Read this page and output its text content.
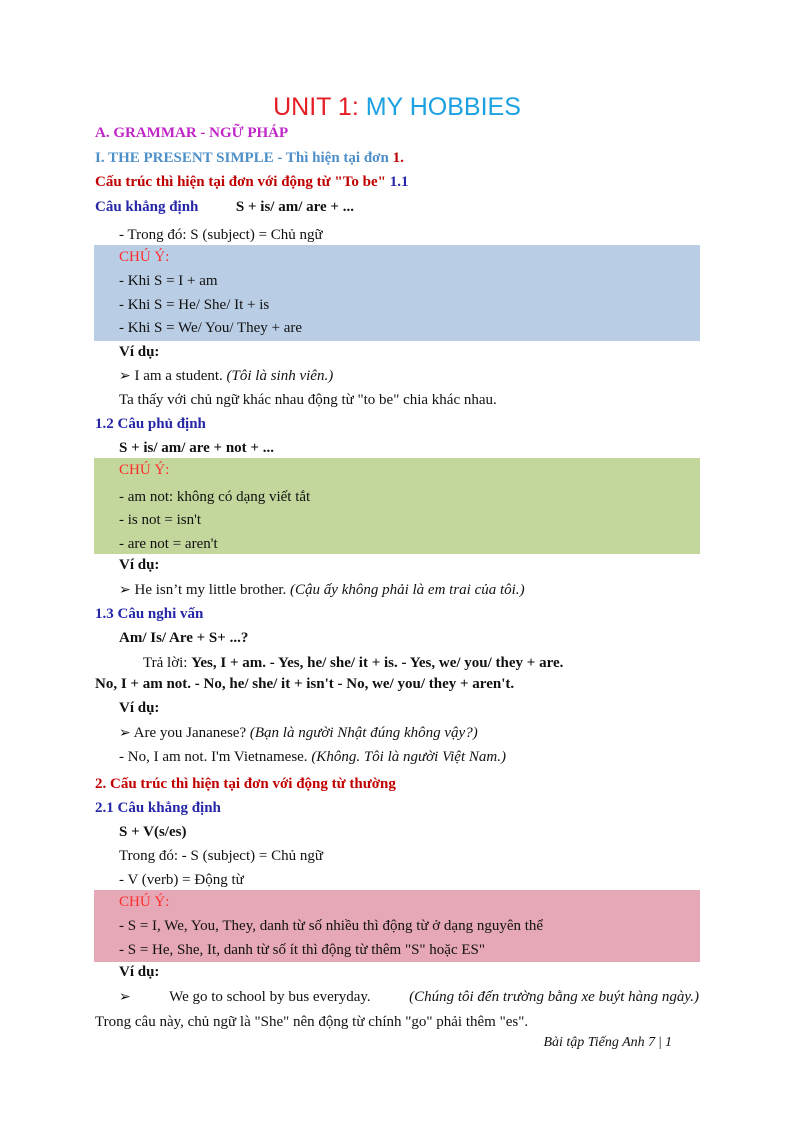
UNIT 1: MY HOBBIES
A. GRAMMAR - NGỮ PHÁP
I. THE PRESENT SIMPLE - Thì hiện tại đơn 1.
Cấu trúc thì hiện tại đơn với động từ "To be" 1.1
Câu khẳng định	S + is/ am/ are + ...
- Trong đó: S (subject) = Chủ ngữ
CHÚ Ý:
- Khi S = I + am
- Khi S = He/ She/ It + is
- Khi S = We/ You/ They + are
Ví dụ:
➢ I am a student. (Tôi là sinh viên.)
Ta thấy với chủ ngữ khác nhau động từ "to be" chia khác nhau.
1.2 Câu phủ định
S + is/ am/ are + not + ...
CHÚ Ý:
- am not: không có dạng viết tắt
- is not = isn't
- are not = aren't
Ví dụ:
➢ He isn’t my little brother. (Cậu ấy không phải là em trai của tôi.)
1.3 Câu nghi vấn
Am/ Is/ Are + S+ ...?
Trả lời: Yes, I + am. - Yes, he/ she/ it + is. - Yes, we/ you/ they + are.
No, I + am not. - No, he/ she/ it + isn't - No, we/ you/ they + aren't.
Ví dụ:
➢ Are you Jananese? (Bạn là người Nhật đúng không vậy?)
- No, I am not. I'm Vietnamese. (Không. Tôi là người Việt Nam.)
2. Cấu trúc thì hiện tại đơn với động từ thường
2.1 Câu khẳng định
S + V(s/es)
Trong đó: - S (subject) = Chủ ngữ
- V (verb) = Động từ
CHÚ Ý:
- S = I, We, You, They, danh từ số nhiều thì động từ ở dạng nguyên thể
- S = He, She, It, danh từ số ít thì động từ thêm "S" hoặc ES"
Ví dụ:
➢	We go to school by bus everyday.	(Chúng tôi đến trường bằng xe buýt hàng ngày.)
Trong câu này, chủ ngữ là "She" nên động từ chính "go" phải thêm "es".
Bài tập Tiếng Anh 7 | 1
